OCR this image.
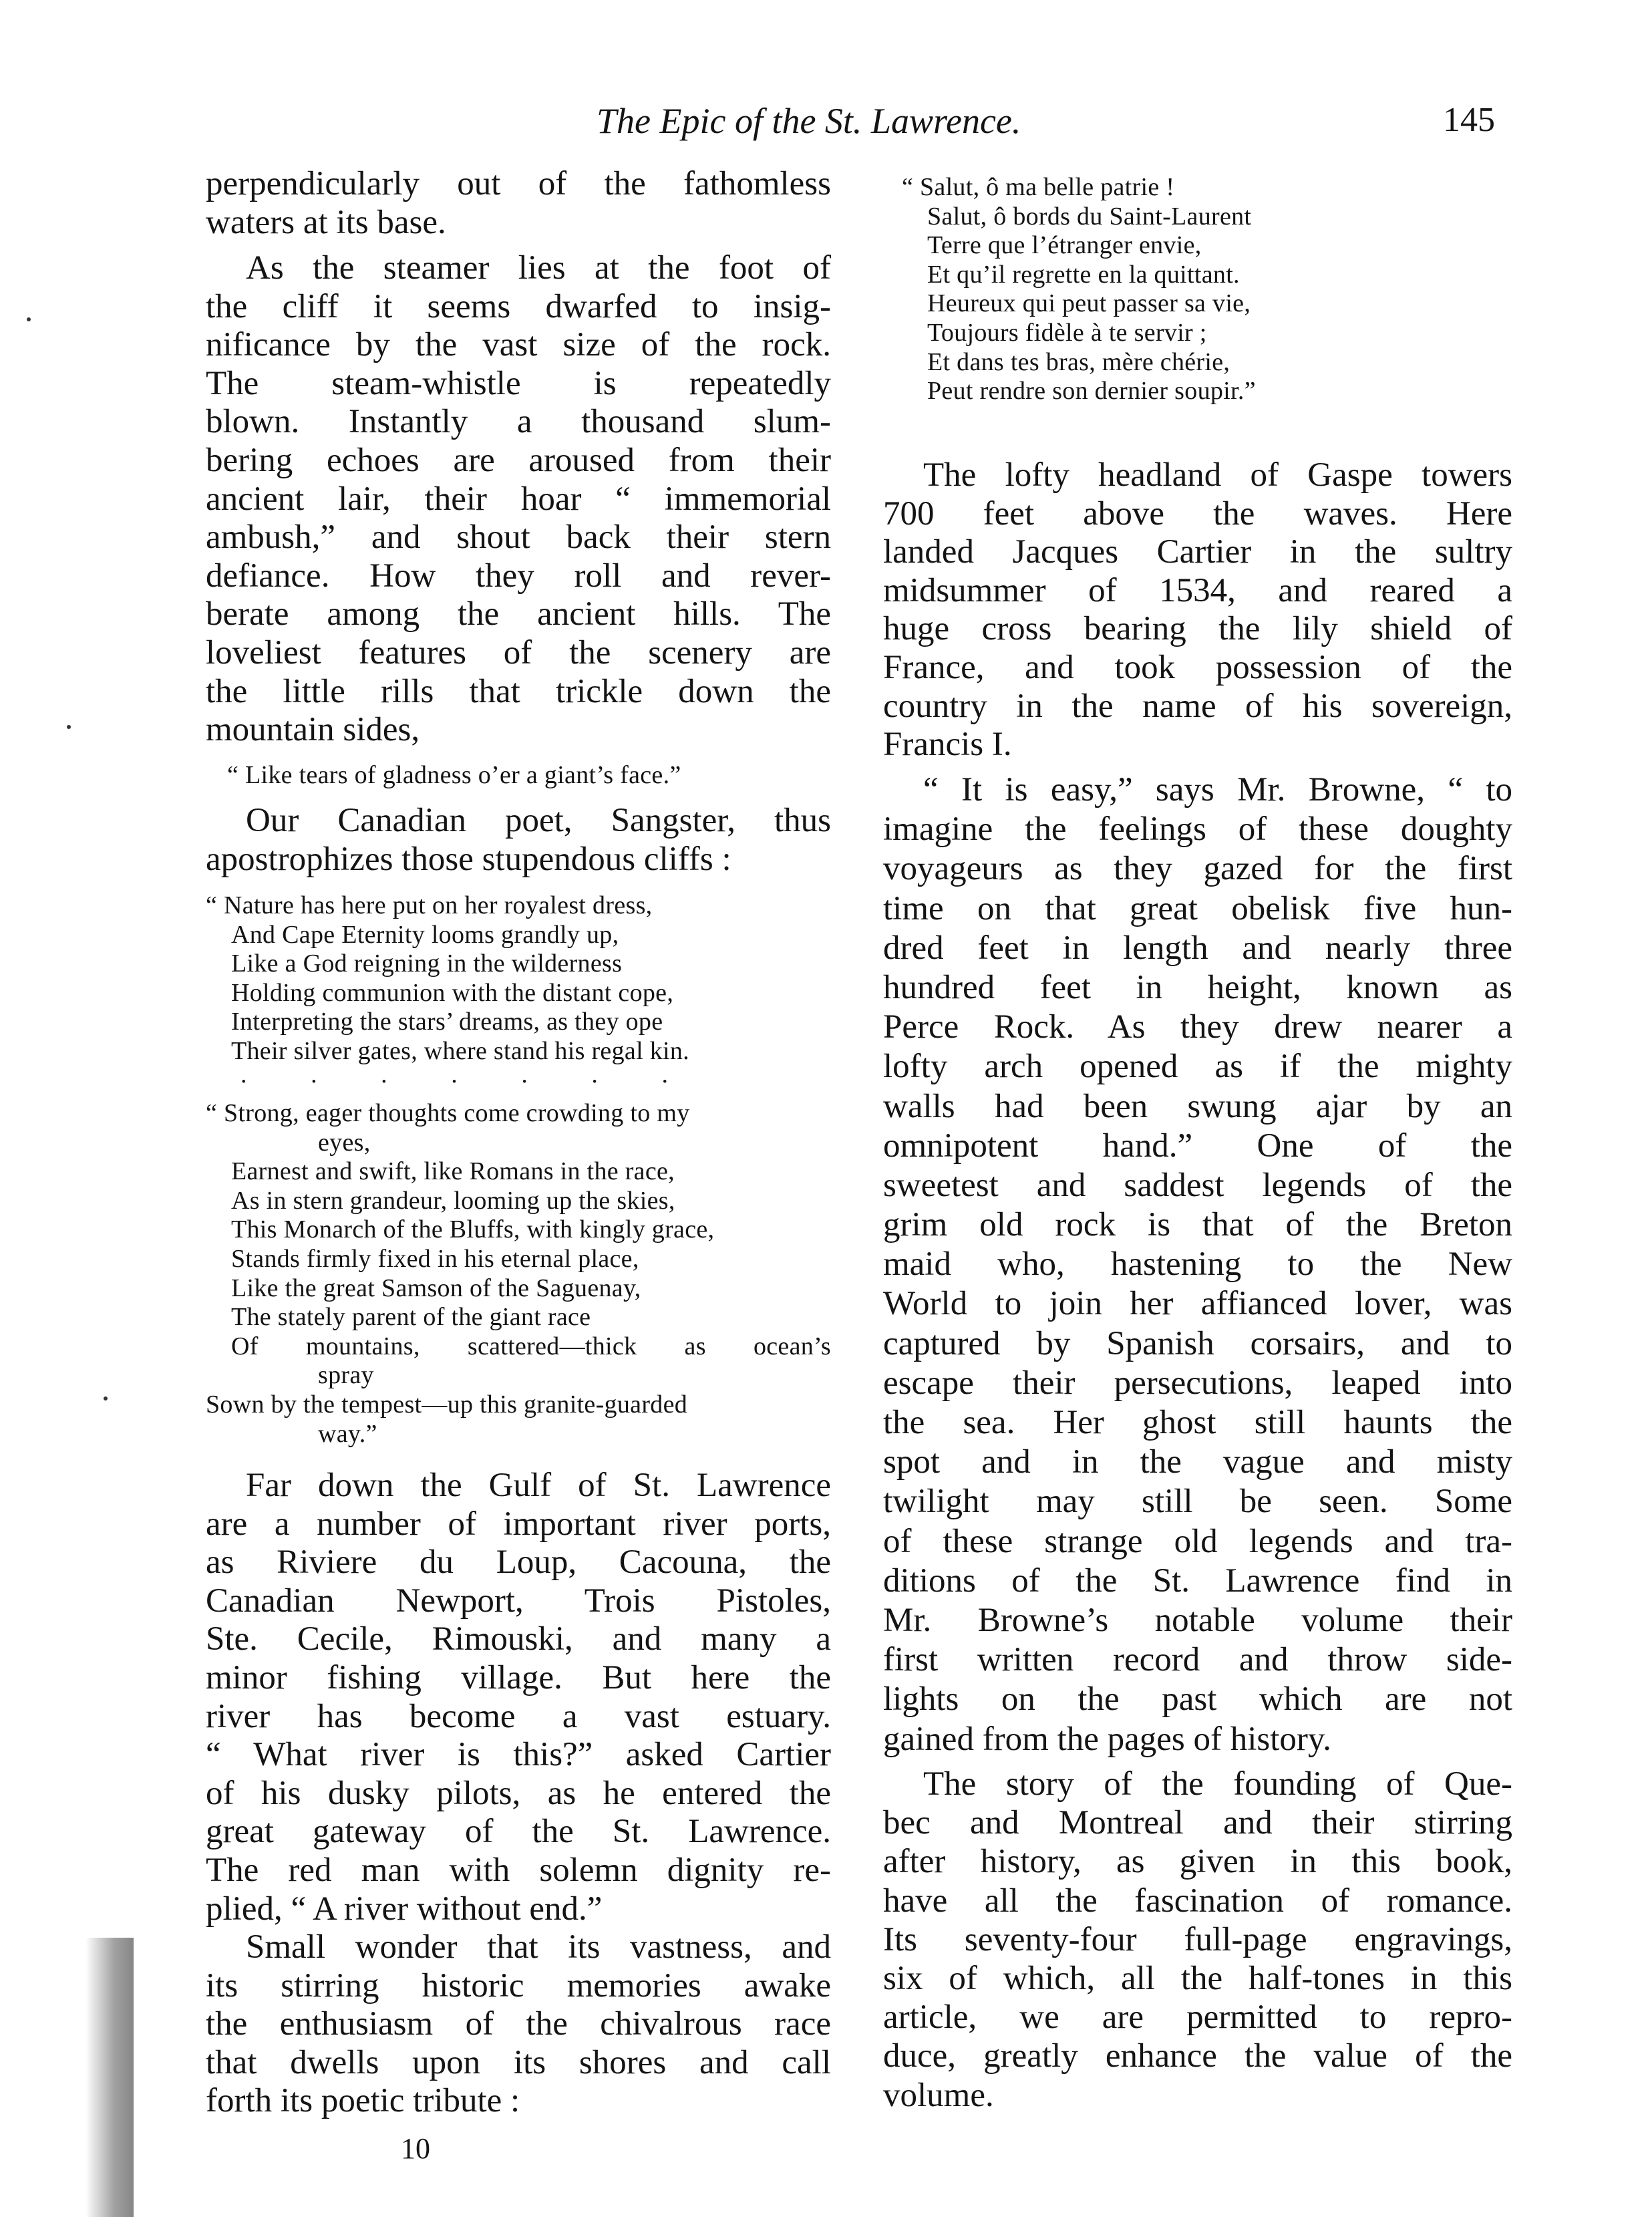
The Epic of the St. Lawrence.	145
perpendicularly out of the fathomless
waters at its base.
As the steamer lies at the foot of
the cliff it seems dwarfed to insig-
nificance by the vast size of the rock.
The steam-whistle is repeatedly
blown. Instantly a thousand slum-
bering echoes are aroused from their
ancient lair, their hoar “ immemorial
ambush,” and shout back their stern
defiance. How they roll and rever-
berate among the ancient hills. The
loveliest features of the scenery are
the little rills that trickle down the
mountain sides,
“ Like tears of gladness o’er a giant’s face.”
Our Canadian poet, Sangster, thus
apostrophizes those stupendous cliffs :
“ Nature has here put on her royalest dress,
And Cape Eternity looms grandly up,
Like a God reigning in the wilderness
Holding communion with the distant cope,
Interpreting the stars’ dreams, as they ope
Their silver gates, where stand his regal kin.
.	.	.	.	.	.	.
“ Strong, eager thoughts come crowding to my
eyes,
Earnest and swift, like Romans in the race,
As in stern grandeur, looming up the skies,
This Monarch of the Bluffs, with kingly grace,
Stands firmly fixed in his eternal place,
Like the great Samson of the Saguenay,
The stately parent of the giant race
Of mountains, scattered—thick as ocean’s
spray
Sown by the tempest—up this granite-guarded
way.”
Far down the Gulf of St. Lawrence
are a number of important river ports,
as Riviere du Loup, Cacouna, the
Canadian Newport, Trois Pistoles,
Ste. Cecile, Rimouski, and many a
minor fishing village. But here the
river has become a vast estuary.
“ What river is this?” asked Cartier
of his dusky pilots, as he entered the
great gateway of the St. Lawrence.
The red man with solemn dignity re-
plied, “ A river without end.”
Small wonder that its vastness, and
its stirring historic memories awake
the enthusiasm of the chivalrous race
that dwells upon its shores and call
forth its poetic tribute :
“ Salut, ô ma belle patrie !
Salut, ô bords du Saint-Laurent
Terre que l’étranger envie,
Et qu’il regrette en la quittant.
Heureux qui peut passer sa vie,
Toujours fidèle à te servir ;
Et dans tes bras, mère chérie,
Peut rendre son dernier soupir.”
The lofty headland of Gaspe towers
700 feet above the waves. Here
landed Jacques Cartier in the sultry
midsummer of 1534, and reared a
huge cross bearing the lily shield of
France, and took possession of the
country in the name of his sovereign,
Francis I.
“ It is easy,” says Mr. Browne, “ to
imagine the feelings of these doughty
voyageurs as they gazed for the first
time on that great obelisk five hun-
dred feet in length and nearly three
hundred feet in height, known as
Perce Rock. As they drew nearer a
lofty arch opened as if the mighty
walls had been swung ajar by an
omnipotent hand.” One of the
sweetest and saddest legends of the
grim old rock is that of the Breton
maid who, hastening to the New
World to join her affianced lover, was
captured by Spanish corsairs, and to
escape their persecutions, leaped into
the sea. Her ghost still haunts the
spot and in the vague and misty
twilight may still be seen. Some
of these strange old legends and tra-
ditions of the St. Lawrence find in
Mr. Browne’s notable volume their
first written record and throw side-
lights on the past which are not
gained from the pages of history.
The story of the founding of Que-
bec and Montreal and their stirring
after history, as given in this book,
have all the fascination of romance.
Its seventy-four full-page engravings,
six of which, all the half-tones in this
article, we are permitted to repro-
duce, greatly enhance the value of the
volume.
10
